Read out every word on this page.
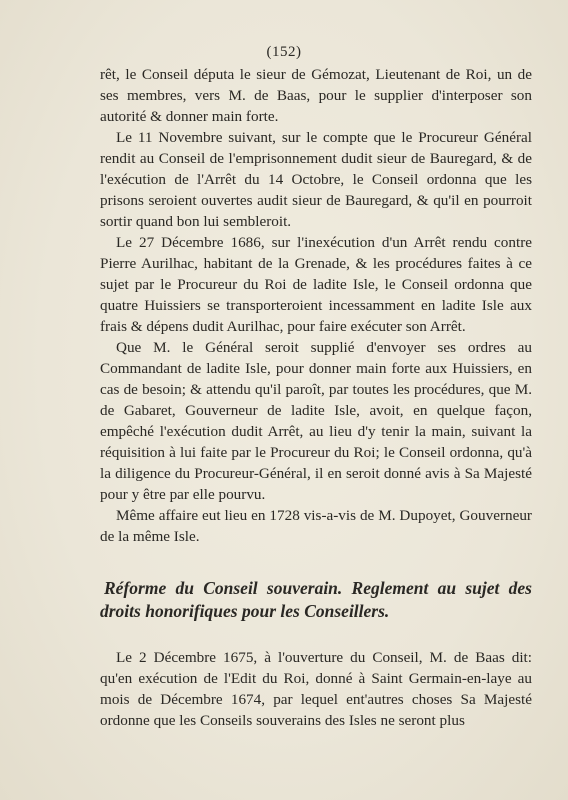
(152)

rêt, le Conseil députa le sieur de Gémozat, Lieutenant de Roi, un de ses membres, vers M. de Baas, pour le supplier d'interposer son autorité & donner main forte.

Le 11 Novembre suivant, sur le compte que le Procureur Général rendit au Conseil de l'emprisonnement dudit sieur de Bauregard, & de l'exécution de l'Arrêt du 14 Octobre, le Conseil ordonna que les prisons seroient ouvertes audit sieur de Bauregard, & qu'il en pourroit sortir quand bon lui sembleroit.

Le 27 Décembre 1686, sur l'inexécution d'un Arrêt rendu contre Pierre Aurilhac, habitant de la Grenade, & les procédures faites à ce sujet par le Procureur du Roi de ladite Isle, le Conseil ordonna que quatre Huissiers se transporteroient incessamment en ladite Isle aux frais & dépens dudit Aurilhac, pour faire exécuter son Arrêt.

Que M. le Général seroit supplié d'envoyer ses ordres au Commandant de ladite Isle, pour donner main forte aux Huissiers, en cas de besoin; & attendu qu'il paroît, par toutes les procédures, que M. de Gabaret, Gouverneur de ladite Isle, avoit, en quelque façon, empêché l'exécution dudit Arrêt, au lieu d'y tenir la main, suivant la réquisition à lui faite par le Procureur du Roi; le Conseil ordonna, qu'à la diligence du Procureur-Général, il en seroit donné avis à Sa Majesté pour y être par elle pourvu.

Même affaire eut lieu en 1728 vis-a-vis de M. Dupoyet, Gouverneur de la même Isle.

Réforme du Conseil souverain. Reglement au sujet des droits honorifiques pour les Conseillers.

Le 2 Décembre 1675, à l'ouverture du Conseil, M. de Baas dit: qu'en exécution de l'Edit du Roi, donné à Saint Germain-en-laye au mois de Décembre 1674, par lequel ent'autres choses Sa Majesté ordonne que les Conseils souverains des Isles ne seront plus
